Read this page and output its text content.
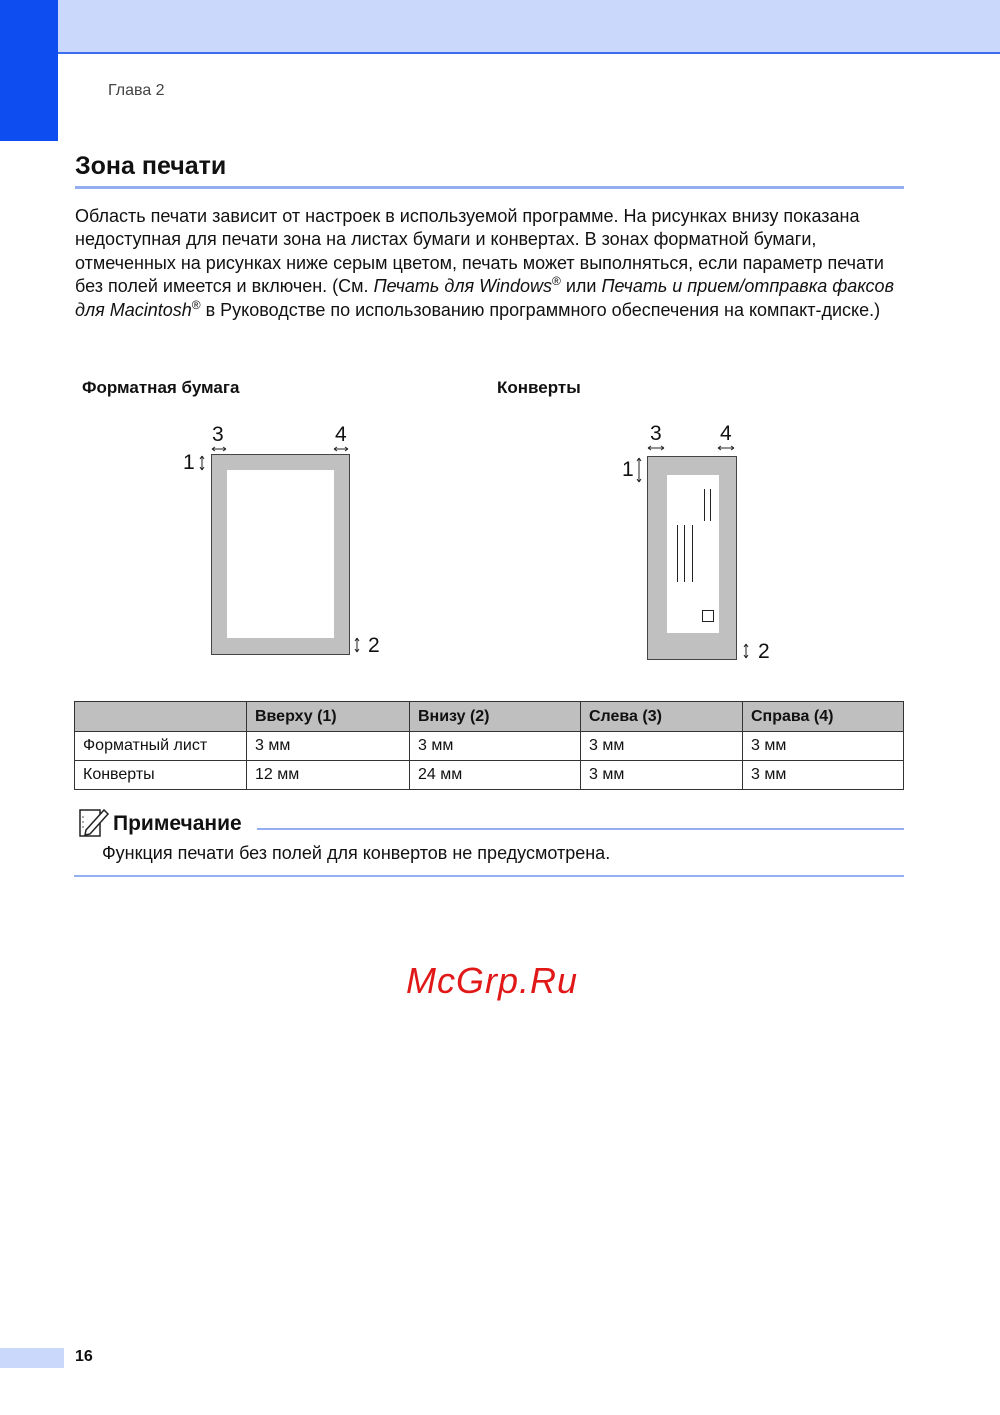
Глава 2
Зона печати
Область печати зависит от настроек в используемой программе. На рисунках внизу показана недоступная для печати зона на листах бумаги и конвертах. В зонах форматной бумаги, отмеченных на рисунках ниже серым цветом, печать может выполняться, если параметр печати без полей имеется и включен. (См. Печать для Windows® или Печать и прием/отправка факсов для Macintosh® в Руководстве по использованию программного обеспечения на компакт-диске.)
Форматная бумага	Конверты
3	4
1
2
3	4
1
2
	Вверху (1)	Внизу (2)	Слева (3)	Справа (4)
Форматный лист	3 мм	3 мм	3 мм	3 мм
Конверты	12 мм	24 мм	3 мм	3 мм
Примечание
Функция печати без полей для конвертов не предусмотрена.
McGrp.Ru
16
